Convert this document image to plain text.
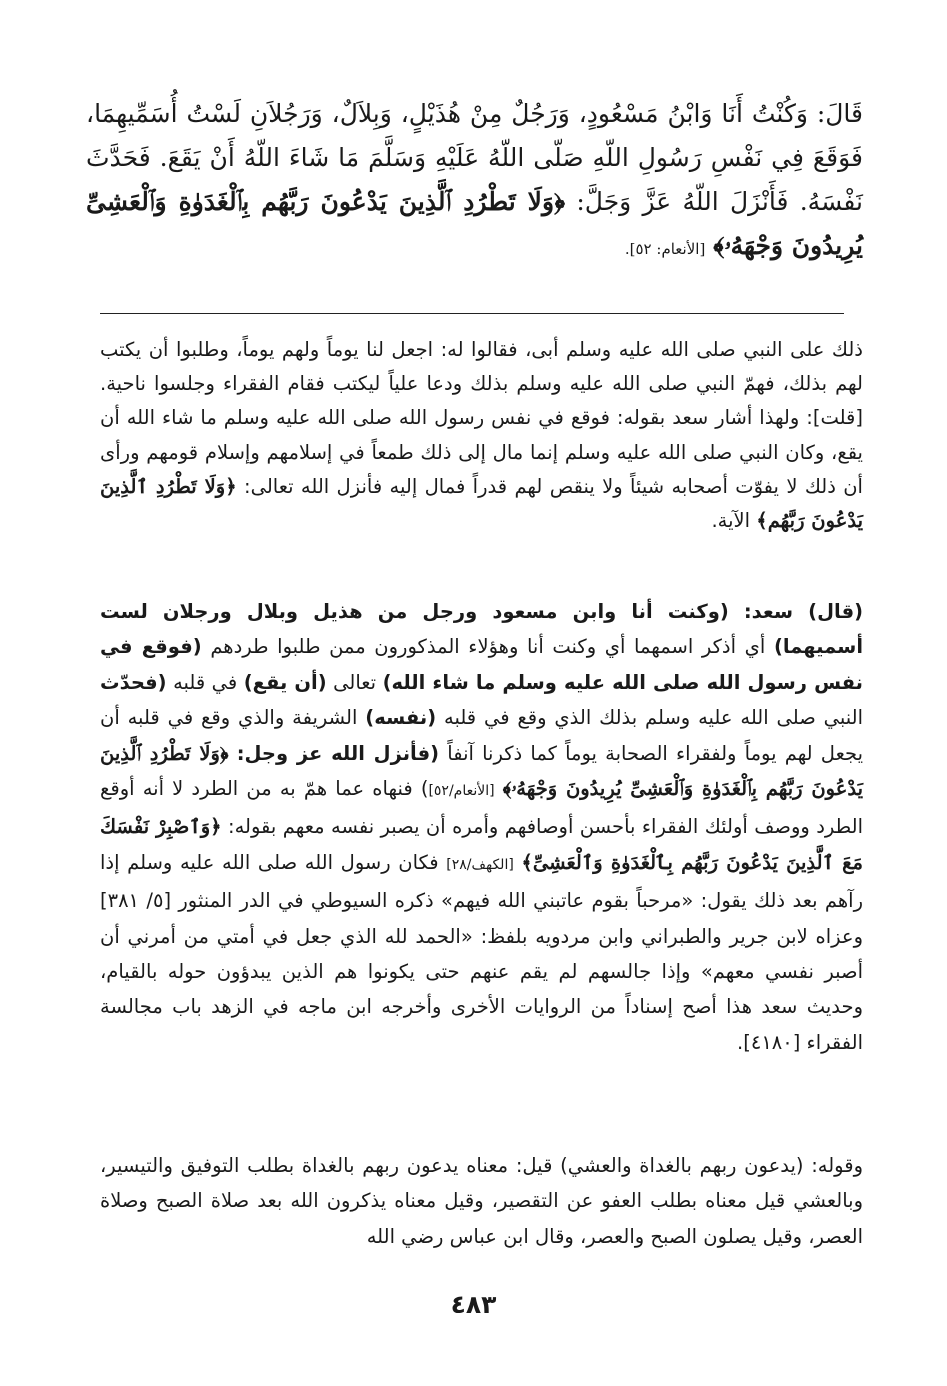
قَالَ: وَكُنْتُ أَنَا وَابْنُ مَسْعُودٍ، وَرَجُلٌ مِنْ هُذَيْلٍ، وَبِلاَلٌ، وَرَجُلاَنِ لَسْتُ أُسَمِّيهِمَا، فَوَقَعَ فِي نَفْسِ رَسُولِ اللّهِ صَلّى اللّهُ عَلَيْهِ وَسَلَّمَ مَا شَاءَ اللّهُ أَنْ يَقَعَ. فَحَدَّثَ نَفْسَهُ. فَأَنْزَلَ اللّهُ عَزَّ وَجَلَّ: ﴿وَلَا تَطْرُدِ ٱلَّذِينَ يَدْعُونَ رَبَّهُم بِٱلْغَدَوٰةِ وَٱلْعَشِىِّ يُرِيدُونَ وَجْهَهُۥ﴾ [الأنعام: ٥٢].
ذلك على النبي صلى الله عليه وسلم أبى، فقالوا له: اجعل لنا يوماً ولهم يوماً، وطلبوا أن يكتب لهم بذلك، فهمّ النبي صلى الله عليه وسلم بذلك ودعا علياً ليكتب فقام الفقراء وجلسوا ناحية. [قلت]: ولهذا أشار سعد بقوله: فوقع في نفس رسول الله صلى الله عليه وسلم ما شاء الله أن يقع، وكان النبي صلى الله عليه وسلم إنما مال إلى ذلك طمعاً في إسلامهم وإسلام قومهم ورأى أن ذلك لا يفوّت أصحابه شيئاً ولا ينقص لهم قدراً فمال إليه فأنزل الله تعالى: ﴿وَلَا تَطْرُدِ ٱلَّذِينَ يَدْعُونَ رَبَّهُم﴾ الآية.
(قال) سعد: (وكنت أنا وابن مسعود ورجل من هذيل وبلال ورجلان لست أسميهما) أي أذكر اسمهما أي وكنت أنا وهؤلاء المذكورون ممن طلبوا طردهم (فوقع في نفس رسول الله صلى الله عليه وسلم ما شاء الله) تعالى (أن يقع) في قلبه (فحدّث النبي صلى الله عليه وسلم بذلك الذي وقع في قلبه (نفسه) الشريفة والذي وقع في قلبه أن يجعل لهم يوماً ولفقراء الصحابة يوماً كما ذكرنا آنفاً (فأنزل الله عز وجل: ﴿وَلَا تَطْرُدِ ٱلَّذِينَ يَدْعُونَ رَبَّهُم بِٱلْغَدَوٰةِ وَٱلْعَشِىِّ يُرِيدُونَ وَجْهَهُۥ﴾ [الأنعام/٥٢]) فنهاه عما همّ به من الطرد لا أنه أوقع الطرد ووصف أولئك الفقراء بأحسن أوصافهم وأمره أن يصبر نفسه معهم بقوله: ﴿وَٱصْبِرْ نَفْسَكَ مَعَ ٱلَّذِينَ يَدْعُونَ رَبَّهُم بِٱلْغَدَوٰةِ وَٱلْعَشِىِّ﴾ [الكهف/٢٨] فكان رسول الله صلى الله عليه وسلم إذا رآهم بعد ذلك يقول: «مرحباً بقوم عاتبني الله فيهم» ذكره السيوطي في الدر المنثور [٥/ ٣٨١] وعزاه لابن جرير والطبراني وابن مردويه بلفظ: «الحمد لله الذي جعل في أمتي من أمرني أن أصبر نفسي معهم» وإذا جالسهم لم يقم عنهم حتى يكونوا هم الذين يبدؤون حوله بالقيام، وحديث سعد هذا أصح إسناداً من الروايات الأخرى وأخرجه ابن ماجه في الزهد باب مجالسة الفقراء [٤١٨٠].
وقوله: (يدعون ربهم بالغداة والعشي) قيل: معناه يدعون ربهم بالغداة بطلب التوفيق والتيسير، وبالعشي قيل معناه بطلب العفو عن التقصير، وقيل معناه يذكرون الله بعد صلاة الصبح وصلاة العصر، وقيل يصلون الصبح والعصر، وقال ابن عباس رضي الله
٤٨٣
